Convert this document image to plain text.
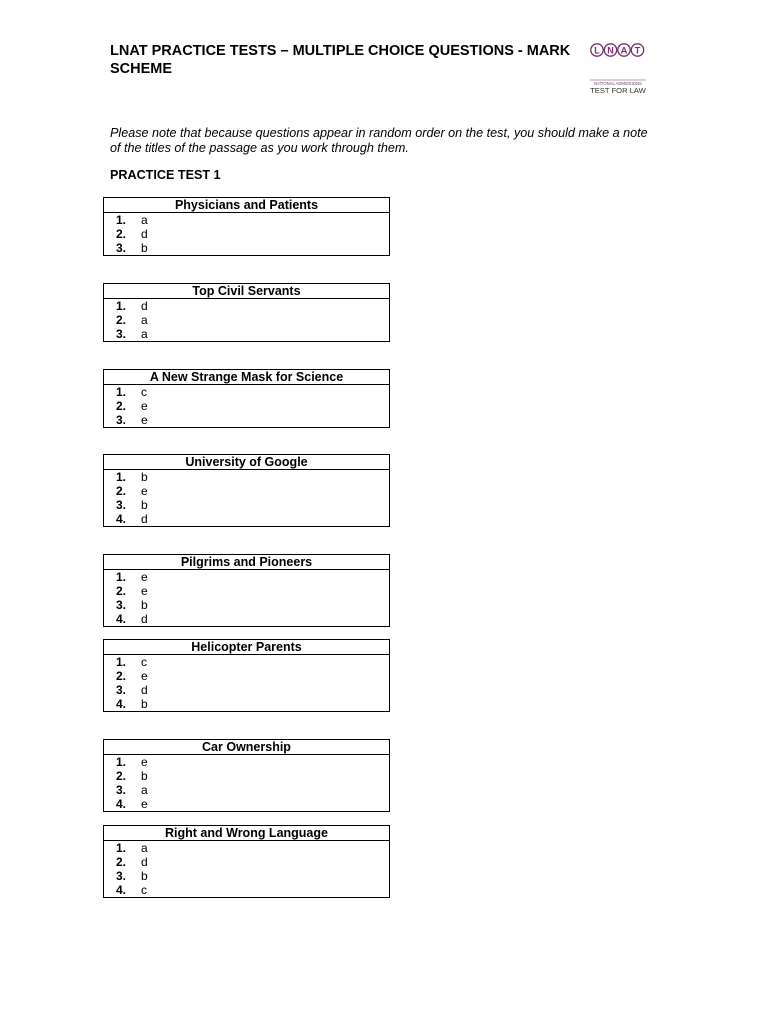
LNAT PRACTICE TESTS – MULTIPLE CHOICE QUESTIONS - MARK SCHEME
L N A T
NATIONAL ADMISSIONS
TEST FOR LAW

Please note that because questions appear in random order on the test, you should make a note of the titles of the passage as you work through them.

PRACTICE TEST 1
Physicians and Patients

1.	a
2.	d
3.	b
Top Civil Servants

1.	d
2.	a
3.	a
A New Strange Mask for Science

1.	c
2.	e
3.	e
University of Google

1.	b
2.	e
3.	b
4.	d
Pilgrims and Pioneers

1.	e
2.	e
3.	b
4.	d
Helicopter Parents

1.	c
2.	e
3.	d
4.	b
Car Ownership

1.	e
2.	b
3.	a
4.	e
Right and Wrong Language

1.	a
2.	d
3.	b
4.	c
